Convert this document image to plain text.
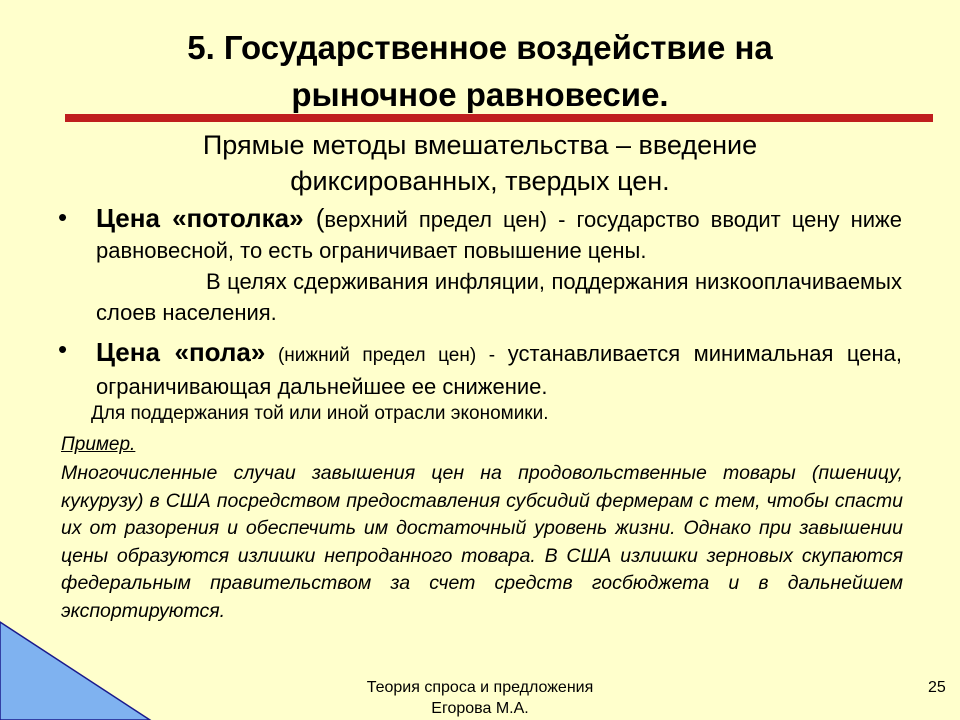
5. Государственное воздействие на рыночное равновесие.
Прямые методы вмешательства – введение фиксированных, твердых цен.
• Цена «потолка» (верхний предел цен) - государство вводит цену ниже равновесной, то есть ограничивает повышение цены.
В целях сдерживания инфляции, поддержания низкооплачиваемых слоев населения.
• Цена «пола» (нижний предел цен) - устанавливается минимальная цена, ограничивающая дальнейшее ее снижение.
Для поддержания той или иной отрасли экономики.
Пример.
Многочисленные случаи завышения цен на продовольственные товары (пшеницу, кукурузу) в США посредством предоставления субсидий фермерам с тем, чтобы спасти их от разорения и обеспечить им достаточный уровень жизни. Однако при завышении цены образуются излишки непроданного товара. В США излишки зерновых скупаются федеральным правительством за счет средств госбюджета и в дальнейшем экспортируются.
Теория спроса и предложения
Егорова М.А.
25
